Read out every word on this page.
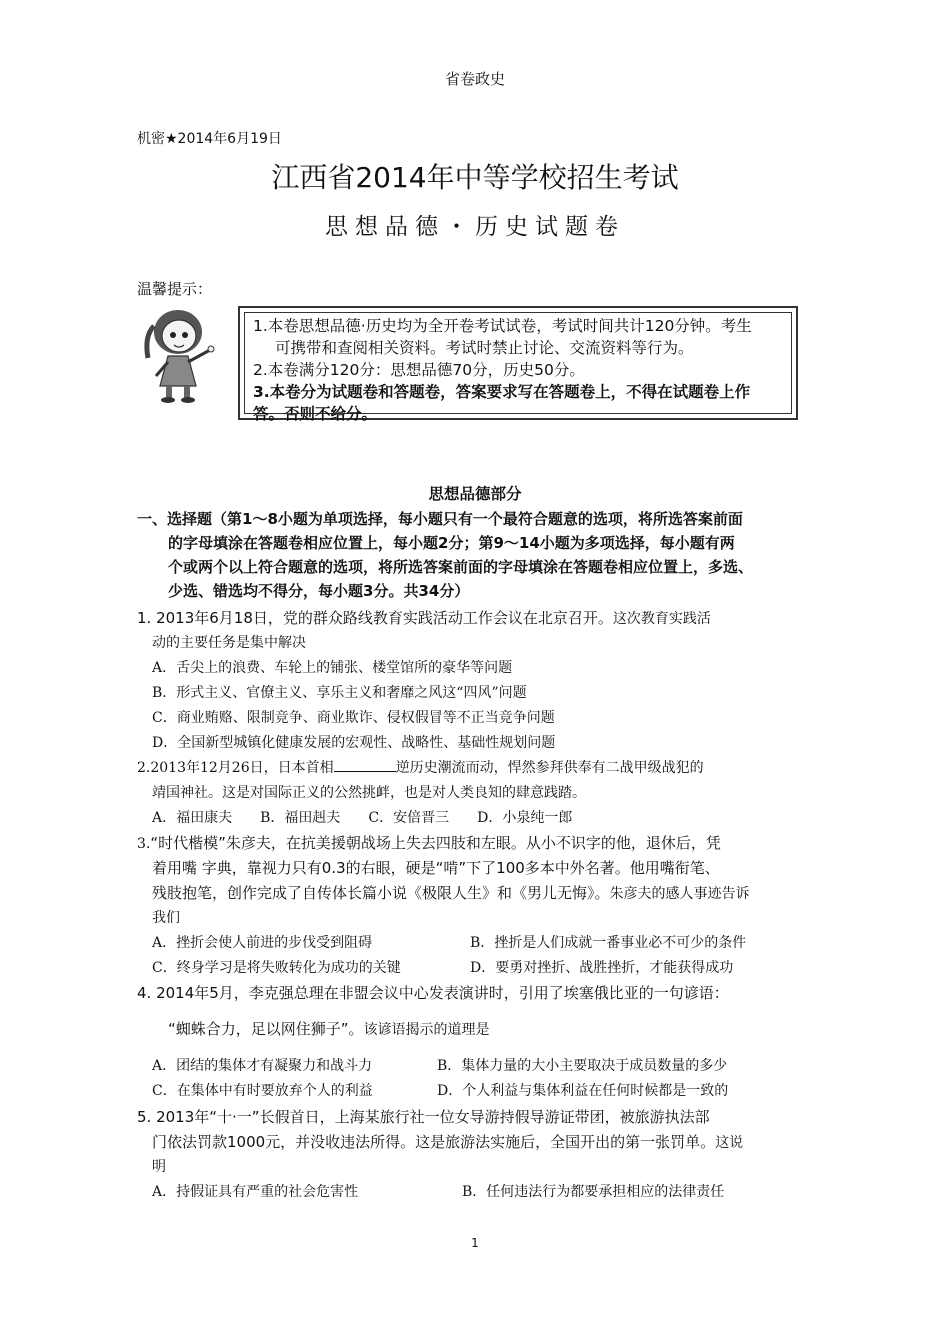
省卷政史
机密★2014年6月19日
江西省2014年中等学校招生考试
思想品德・历史试题卷
温馨提示：
1.本卷思想品德·历史均为全开卷考试试卷，考试时间共计120分钟。考生
可携带和查阅相关资料。考试时禁止讨论、交流资料等行为。
2.本卷满分120分：思想品德70分，历史50分。
3.本卷分为试题卷和答题卷，答案要求写在答题卷上，不得在试题卷上作
答。否则不给分。
思想品德部分
一、选择题（第1～8小题为单项选择，每小题只有一个最符合题意的选项，将所选答案前面
的字母填涂在答题卷相应位置上，每小题2分；第9～14小题为多项选择，每小题有两
个或两个以上符合题意的选项，将所选答案前面的字母填涂在答题卷相应位置上，多选、
少选、错选均不得分，每小题3分。共34分）
1. 2013年6月18日，党的群众路线教育实践活动工作会议在北京召开。这次教育实践活
动的主要任务是集中解决
A．舌尖上的浪费、车轮上的铺张、楼堂馆所的豪华等问题
B．形式主义、官僚主义、享乐主义和奢靡之风这“四风”问题
C．商业贿赂、限制竞争、商业欺诈、侵权假冒等不正当竞争问题
D．全国新型城镇化健康发展的宏观性、战略性、基础性规划问题
2.2013年12月26日，日本首相	逆历史潮流而动，悍然参拜供奉有二战甲级战犯的
靖国神社。这是对国际正义的公然挑衅，也是对人类良知的肆意践踏。
A．福田康夫　　B．福田赳夫　　C．安倍晋三　　D．小泉纯一郎
3.“时代楷模”朱彦夫，在抗美援朝战场上失去四肢和左眼。从小不识字的他，退休后，凭
着用嘴 字典，靠视力只有0.3的右眼，硬是“啃”下了100多本中外名著。他用嘴衔笔、
残肢抱笔，创作完成了自传体长篇小说《极限人生》和《男儿无悔》。朱彦夫的感人事迹告诉
我们
A．挫折会使人前进的步伐受到阻碍	B．挫折是人们成就一番事业必不可少的条件
C．终身学习是将失败转化为成功的关键	D．要勇对挫折、战胜挫折，才能获得成功
4. 2014年5月，李克强总理在非盟会议中心发表演讲时，引用了埃塞俄比亚的一句谚语：
“蜘蛛合力，足以网住狮子”。该谚语揭示的道理是
A．团结的集体才有凝聚力和战斗力	B．集体力量的大小主要取决于成员数量的多少
C．在集体中有时要放弃个人的利益	D．个人利益与集体利益在任何时候都是一致的
5. 2013年“十·一”长假首日，上海某旅行社一位女导游持假导游证带团，被旅游执法部
门依法罚款1000元，并没收违法所得。这是旅游法实施后，全国开出的第一张罚单。这说
明
A．持假证具有严重的社会危害性	B．任何违法行为都要承担相应的法律责任
1
